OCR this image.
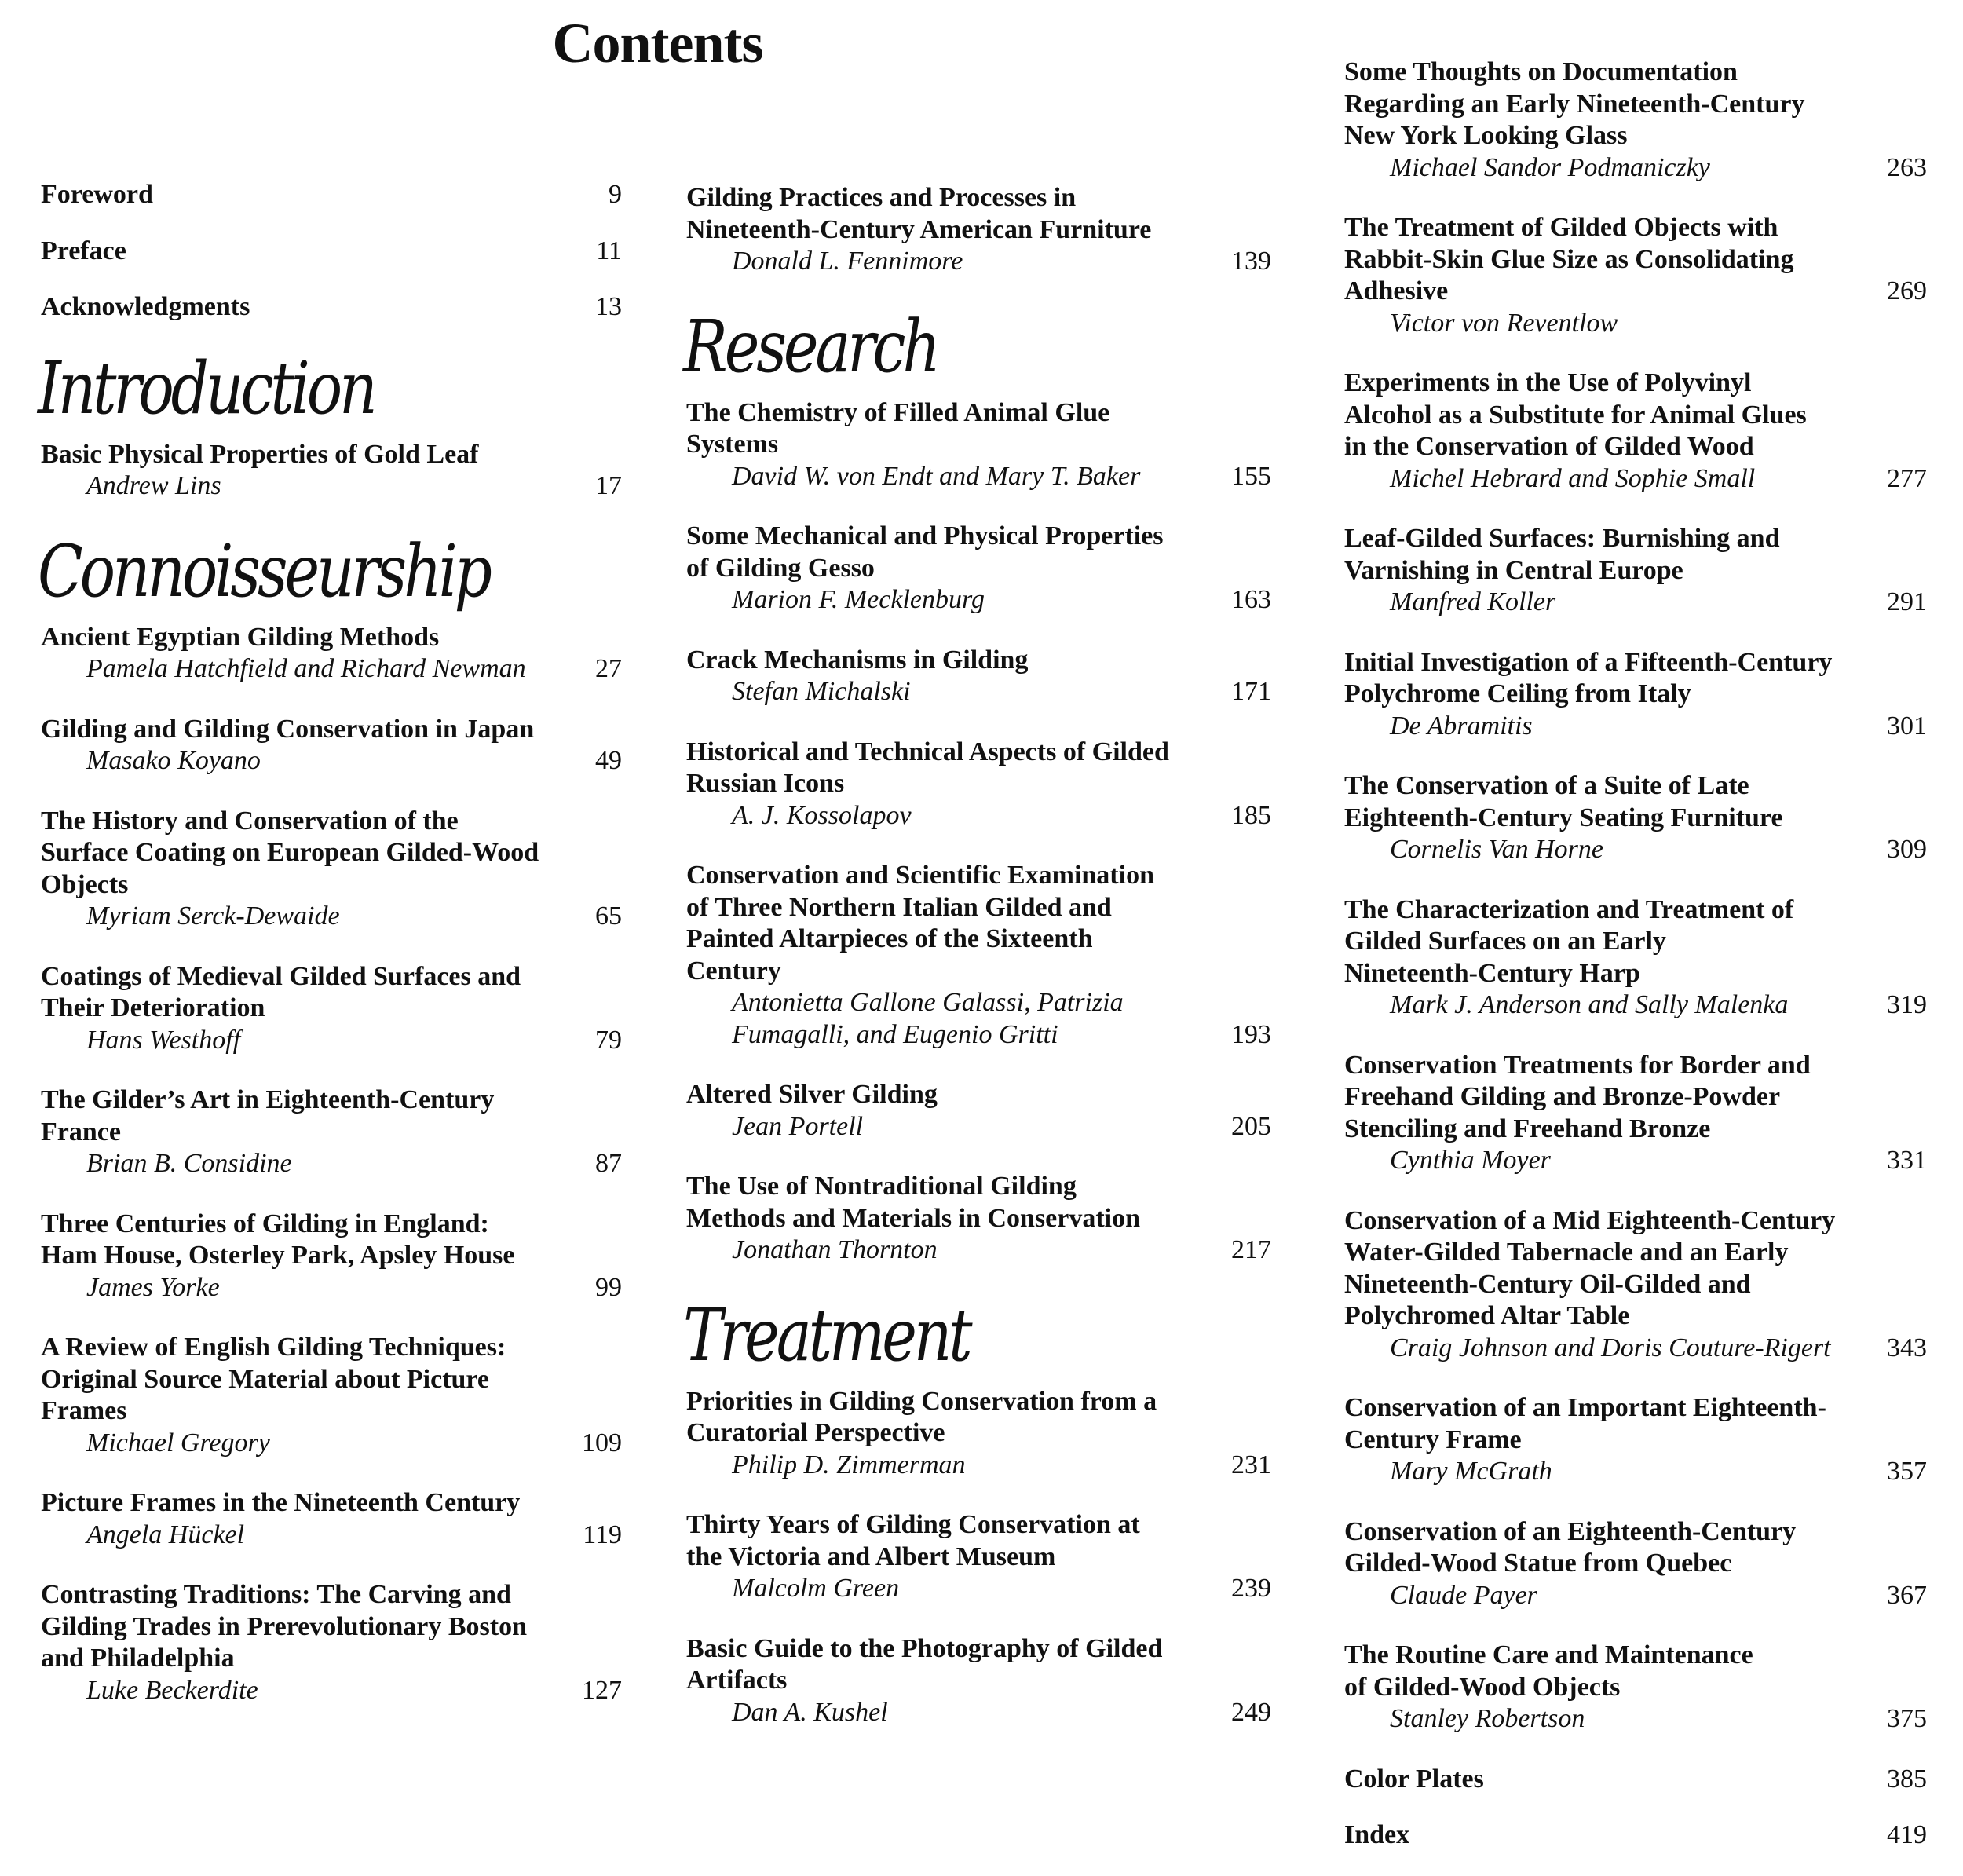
Contents
Foreword	9
Preface	11
Acknowledgments	13
Introduction
Basic Physical Properties of Gold Leaf
Andrew Lins	17
Connoisseurship
Ancient Egyptian Gilding Methods
Pamela Hatchfield and Richard Newman	27
Gilding and Gilding Conservation in Japan
Masako Koyano	49
The History and Conservation of the
Surface Coating on European Gilded-Wood
Objects
Myriam Serck-Dewaide	65
Coatings of Medieval Gilded Surfaces and
Their Deterioration
Hans Westhoff	79
The Gilder’s Art in Eighteenth-Century
France
Brian B. Considine	87
Three Centuries of Gilding in England:
Ham House, Osterley Park, Apsley House
James Yorke	99
A Review of English Gilding Techniques:
Original Source Material about Picture
Frames
Michael Gregory	109
Picture Frames in the Nineteenth Century
Angela Hückel	119
Contrasting Traditions: The Carving and
Gilding Trades in Prerevolutionary Boston
and Philadelphia
Luke Beckerdite	127
Gilding Practices and Processes in
Nineteenth-Century American Furniture
Donald L. Fennimore	139
Research
The Chemistry of Filled Animal Glue
Systems
David W. von Endt and Mary T. Baker	155
Some Mechanical and Physical Properties
of Gilding Gesso
Marion F. Mecklenburg	163
Crack Mechanisms in Gilding
Stefan Michalski	171
Historical and Technical Aspects of Gilded
Russian Icons
A. J. Kossolapov	185
Conservation and Scientific Examination
of Three Northern Italian Gilded and
Painted Altarpieces of the Sixteenth
Century
Antonietta Gallone Galassi, Patrizia
Fumagalli, and Eugenio Gritti	193
Altered Silver Gilding
Jean Portell	205
The Use of Nontraditional Gilding
Methods and Materials in Conservation
Jonathan Thornton	217
Treatment
Priorities in Gilding Conservation from a
Curatorial Perspective
Philip D. Zimmerman	231
Thirty Years of Gilding Conservation at
the Victoria and Albert Museum
Malcolm Green	239
Basic Guide to the Photography of Gilded
Artifacts
Dan A. Kushel	249
Some Thoughts on Documentation
Regarding an Early Nineteenth-Century
New York Looking Glass
Michael Sandor Podmaniczky	263
The Treatment of Gilded Objects with
Rabbit-Skin Glue Size as Consolidating
Adhesive	269
Victor von Reventlow
Experiments in the Use of Polyvinyl
Alcohol as a Substitute for Animal Glues
in the Conservation of Gilded Wood
Michel Hebrard and Sophie Small	277
Leaf-Gilded Surfaces: Burnishing and
Varnishing in Central Europe
Manfred Koller	291
Initial Investigation of a Fifteenth-Century
Polychrome Ceiling from Italy
De Abramitis	301
The Conservation of a Suite of Late
Eighteenth-Century Seating Furniture
Cornelis Van Horne	309
The Characterization and Treatment of
Gilded Surfaces on an Early
Nineteenth-Century Harp
Mark J. Anderson and Sally Malenka	319
Conservation Treatments for Border and
Freehand Gilding and Bronze-Powder
Stenciling and Freehand Bronze
Cynthia Moyer	331
Conservation of a Mid Eighteenth-Century
Water-Gilded Tabernacle and an Early
Nineteenth-Century Oil-Gilded and
Polychromed Altar Table
Craig Johnson and Doris Couture-Rigert	343
Conservation of an Important Eighteenth-
Century Frame
Mary McGrath	357
Conservation of an Eighteenth-Century
Gilded-Wood Statue from Quebec
Claude Payer	367
The Routine Care and Maintenance
of Gilded-Wood Objects
Stanley Robertson	375
Color Plates	385
Index	419
